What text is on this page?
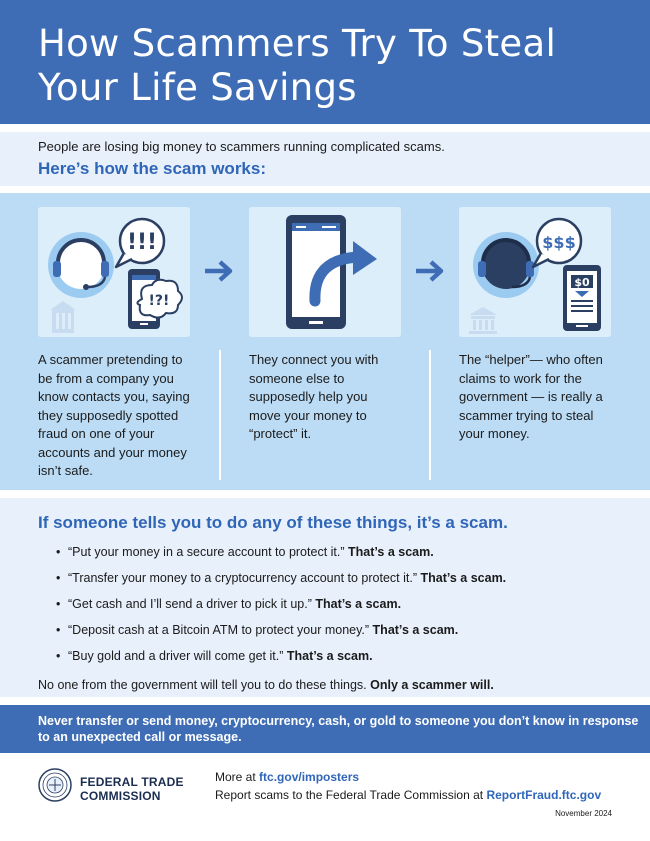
How Scammers Try To Steal Your Life Savings
People are losing big money to scammers running complicated scams.
Here’s how the scam works:
!!!
!?!
$$$
$0
A scammer pretending to be from a company you know contacts you, saying they supposedly spotted fraud on one of your accounts and your money isn’t safe.
They connect you with someone else to supposedly help you move your money to “protect” it.
The “helper”— who often claims to work for the government — is really a scammer trying to steal your money.
If someone tells you to do any of these things, it’s a scam.
• “Put your money in a secure account to protect it.” That’s a scam.
• “Transfer your money to a cryptocurrency account to protect it.” That’s a scam.
• “Get cash and I’ll send a driver to pick it up.” That’s a scam.
• “Deposit cash at a Bitcoin ATM to protect your money.” That’s a scam.
• “Buy gold and a driver will come get it.” That’s a scam.
No one from the government will tell you to do these things. Only a scammer will.
Never transfer or send money, cryptocurrency, cash, or gold to someone you don’t know in response to an unexpected call or message.
FEDERAL TRADE
COMMISSION
More at ftc.gov/imposters
Report scams to the Federal Trade Commission at ReportFraud.ftc.gov
November 2024
